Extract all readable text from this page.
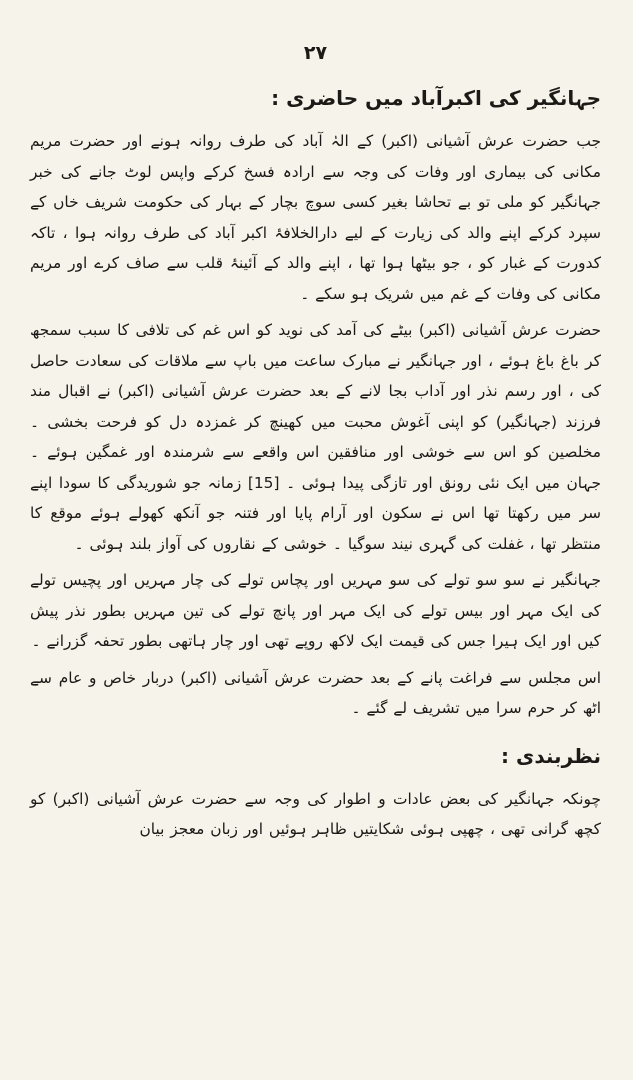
۲۷
جہانگیر کی اکبرآباد میں حاضری :

جب حضرت عرش آشیانی (اکبر) کے الہٰ آباد کی طرف روانہ ہونے اور حضرت مریم مکانی کی بیماری اور وفات کی وجہ سے ارادہ فسخ کرکے واپس لوٹ جانے کی خبر جہانگیر کو ملی تو بے تحاشا بغیر کسی سوچ بچار کے بہار کی حکومت شریف خاں کے سپرد کرکے اپنے والد کی زیارت کے لیے دارالخلافۂ اکبر آباد کی طرف روانہ ہوا ، تاکہ کدورت کے غبار کو ، جو بیٹھا ہوا تھا ، اپنے والد کے آئینۂ قلب سے صاف کرے اور مریم مکانی کی وفات کے غم میں شریک ہو سکے ۔

حضرت عرش آشیانی (اکبر) بیٹے کی آمد کی نوید کو اس غم کی تلافی کا سبب سمجھ کر باغ باغ ہوئے ، اور جہانگیر نے مبارک ساعت میں باپ سے ملاقات کی سعادت حاصل کی ، اور رسم نذر اور آداب بجا لانے کے بعد حضرت عرش آشیانی (اکبر) نے اقبال مند فرزند (جہانگیر) کو اپنی آغوش محبت میں کھینچ کر غمزدہ دل کو فرحت بخشی ۔ مخلصین کو اس سے خوشی اور منافقین اس واقعے سے شرمندہ اور غمگین ہوئے ۔ جہان میں ایک نئی رونق اور تازگی پیدا ہوئی ۔ [15] زمانہ جو شوریدگی کا سودا اپنے سر میں رکھتا تھا اس نے سکون اور آرام پایا اور فتنہ جو آنکھ کھولے ہوئے موقع کا منتظر تھا ، غفلت کی گہری نیند سوگیا ۔ خوشی کے نقاروں کی آواز بلند ہوئی ۔

جہانگیر نے سو سو تولے کی سو مہریں اور پچاس تولے کی چار مہریں اور پچیس تولے کی ایک مہر اور بیس تولے کی ایک مہر اور پانچ تولے کی تین مہریں بطور نذر پیش کیں اور ایک ہیرا جس کی قیمت ایک لاکھ روپے تھی اور چار ہاتھی بطور تحفہ گزرانے ۔

اس مجلس سے فراغت پانے کے بعد حضرت عرش آشیانی (اکبر) دربار خاص و عام سے اٹھ کر حرم سرا میں تشریف لے گئے ۔

نظربندی :

چونکہ جہانگیر کی بعض عادات و اطوار کی وجہ سے حضرت عرش آشیانی (اکبر) کو کچھ گرانی تھی ، چھپی ہوئی شکایتیں ظاہر ہوئیں اور زبان معجز بیان
